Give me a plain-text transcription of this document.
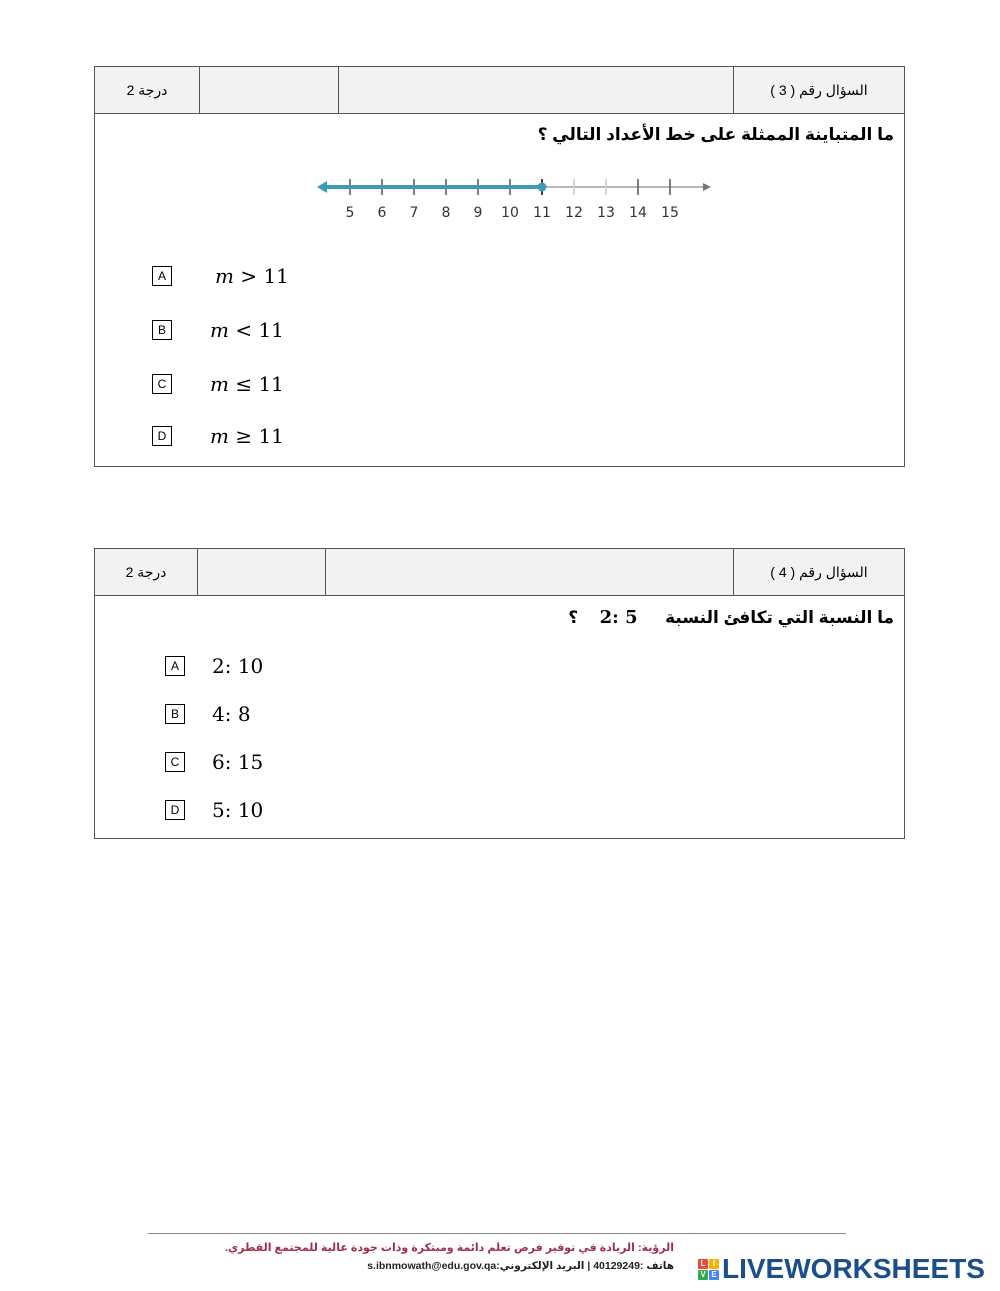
2 درجة	السؤال رقم ( 3 )
ما المتباينة الممثلة على خط الأعداد التالي ؟
5 6 7 8 9 10 11 12 13 14 15
A	m > 11
B	m < 11
C m ≤ 11
D m ≥ 11
2 درجة	السؤال رقم ( 4 )
ما النسبة التي تكافئ النسبة  2: 5  ؟
A	2: 10
B	4: 8
C 6: 15
D 5: 10
الرؤية: الريادة في توفير فرص تعلم دائمة ومبتكرة وذات جودة عالية للمجتمع القطري.
هاتف :40129249 | البريد الإلكتروني:s.ibnmowath@edu.gov.qa	L I
V E LIVEWORKSHEETS
